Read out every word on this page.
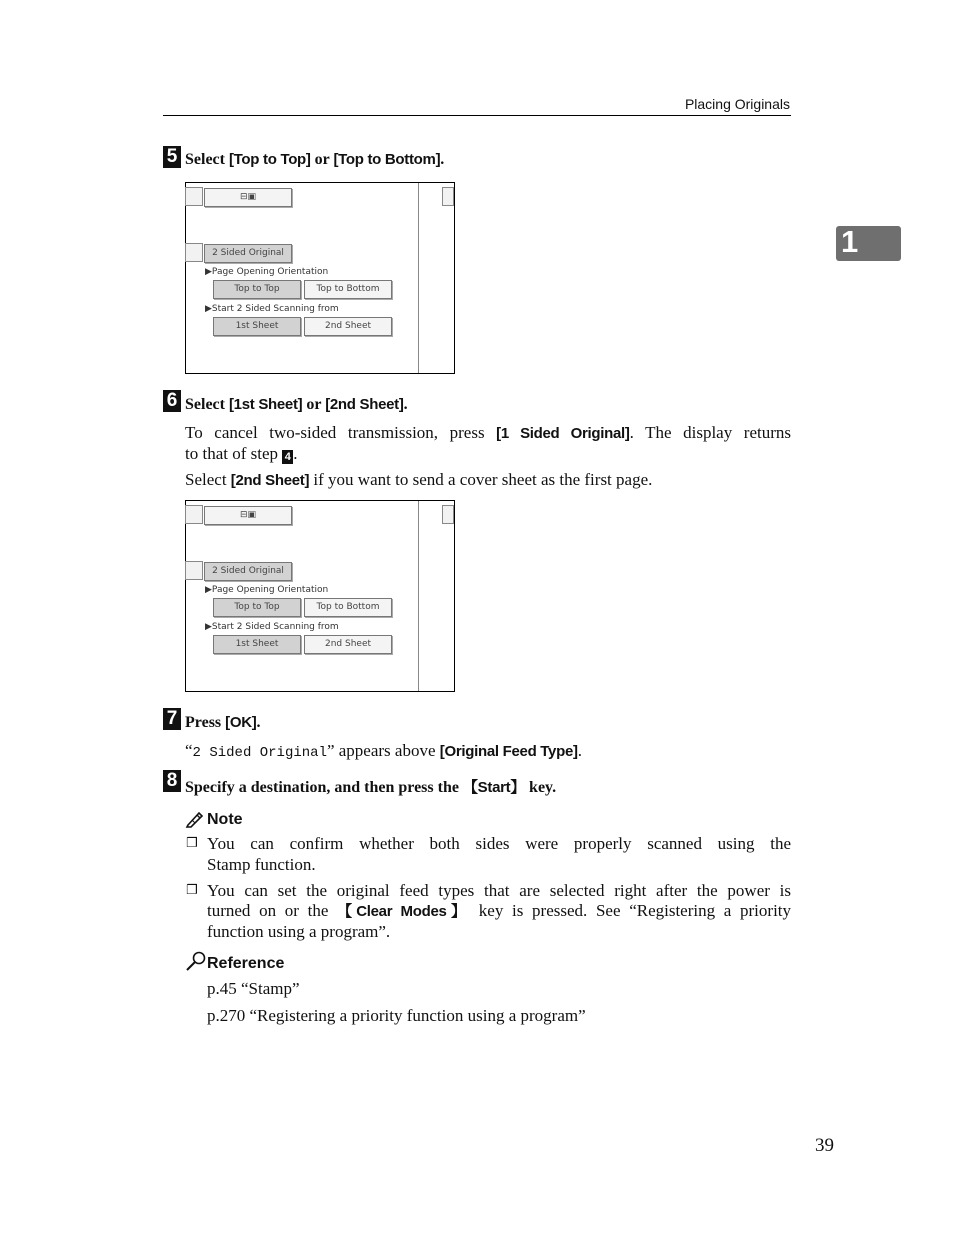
Placing Originals
1
5 Select [Top to Top] or [Top to Bottom].
⊟▣
2 Sided Original
▶Page Opening Orientation
Top to Top	Top to Bottom
▶Start 2 Sided Scanning from
1st Sheet	2nd Sheet
6 Select [1st Sheet] or [2nd Sheet].
To cancel two-sided transmission, press [1 Sided Original]. The display returns
to that of step 4 .
Select [2nd Sheet] if you want to send a cover sheet as the first page.
⊟▣
2 Sided Original
▶Page Opening Orientation
Top to Top	Top to Bottom
▶Start 2 Sided Scanning from
1st Sheet	2nd Sheet
7 Press [OK].
“2 Sided Original” appears above [Original Feed Type].
8 Specify a destination, and then press the 【Start】 key.
Note
❒ You can confirm whether both sides were properly scanned using the
Stamp function.
❒ You can set the original feed types that are selected right after the power is
turned on or the 【Clear Modes】 key is pressed. See “Registering a priority
function using a program”.
Reference
p.45 “Stamp”
p.270 “Registering a priority function using a program”
39
